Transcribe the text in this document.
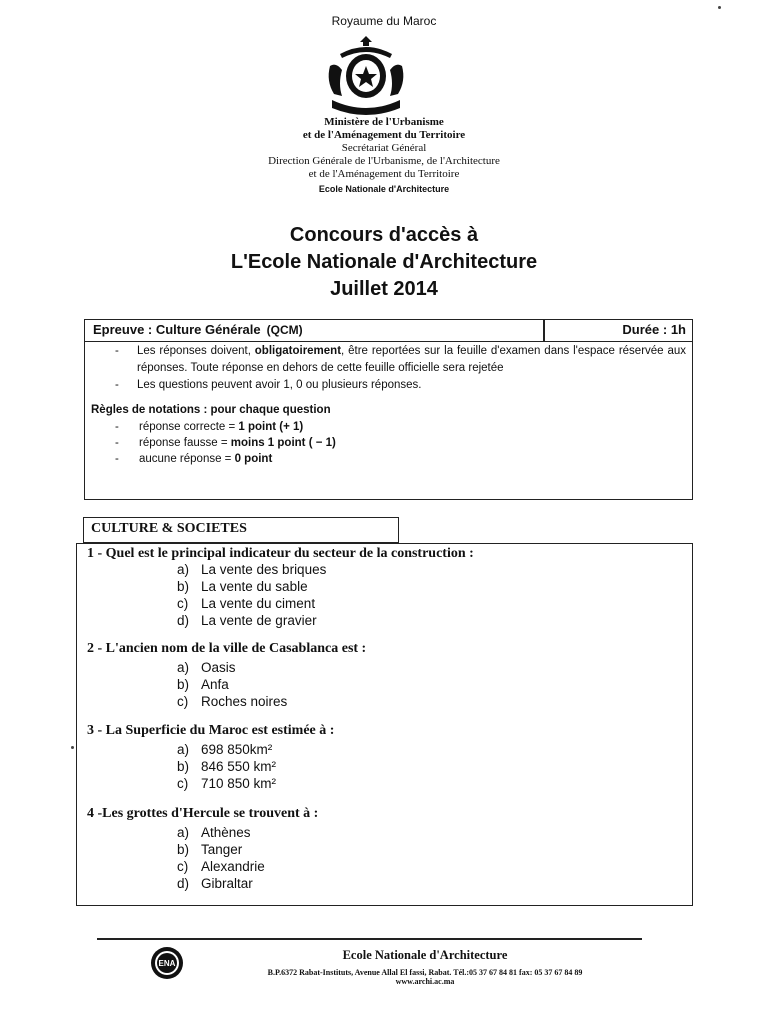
Royaume du Maroc
Ministère de l'Urbanisme
et de l'Aménagement du Territoire
Secrétariat Général
Direction Générale de l'Urbanisme, de l'Architecture
et de l'Aménagement du Territoire
Ecole Nationale d'Architecture
Concours d'accès à
L'Ecole Nationale d'Architecture
Juillet 2014
Epreuve : Culture Générale (QCM)	Durée : 1h
- Les réponses doivent, obligatoirement, être reportées sur la feuille d'examen dans l'espace réservée aux réponses. Toute réponse en dehors de cette feuille officielle sera rejetée
- Les questions peuvent avoir 1, 0 ou plusieurs réponses.
Règles de notations : pour chaque question
- réponse correcte = 1 point (+ 1)
- réponse fausse = moins 1 point ( − 1)
- aucune réponse = 0 point
CULTURE & SOCIETES
1 - Quel est le principal indicateur du secteur de la construction :
a) La vente des briques
b) La vente du sable
c) La vente du ciment
d) La vente de gravier
2 - L'ancien nom de la ville de Casablanca est :
a) Oasis
b) Anfa
c) Roches noires
3 - La Superficie du Maroc est estimée à :
a) 698 850km²
b) 846 550 km²
c) 710 850 km²
4 -Les grottes d'Hercule se trouvent à :
a) Athènes
b) Tanger
c) Alexandrie
d) Gibraltar
ENA
Ecole Nationale d'Architecture
B.P.6372 Rabat-Instituts, Avenue Allal El fassi, Rabat. Tél.:05 37 67 84 81 fax: 05 37 67 84 89
www.archi.ac.ma
